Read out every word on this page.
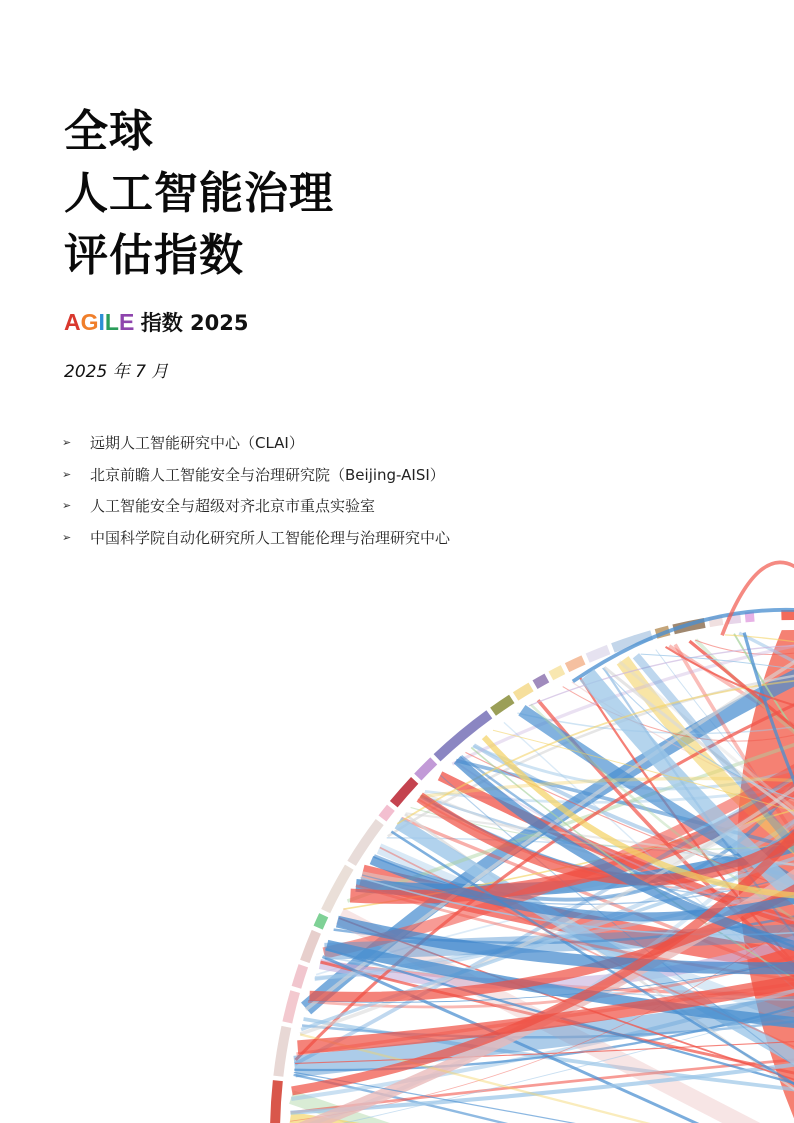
全球
人工智能治理
评估指数
AGILE 指数 2025
2025 年 7 月
➢	远期人工智能研究中心（CLAI）
➢	北京前瞻人工智能安全与治理研究院（Beijing-AISI）
➢	人工智能安全与超级对齐北京市重点实验室
➢	中国科学院自动化研究所人工智能伦理与治理研究中心
